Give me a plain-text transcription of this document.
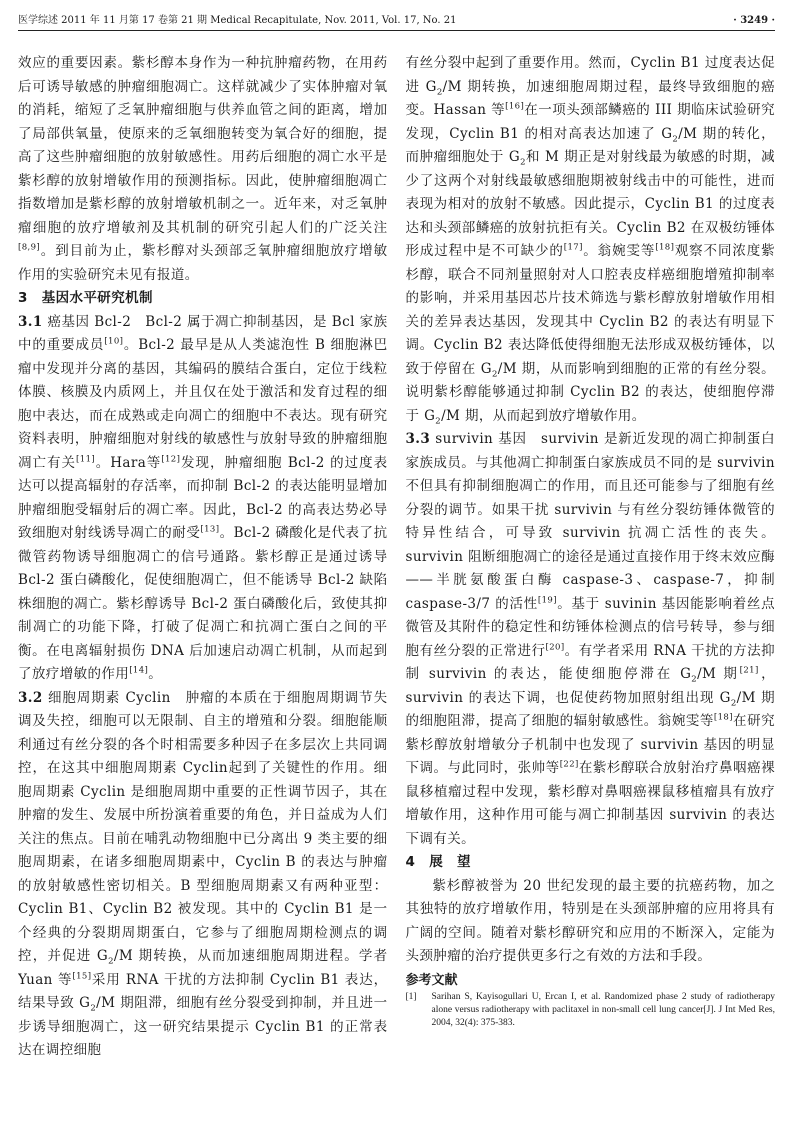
医学综述 2011 年 11 月第 17 卷第 21 期 Medical Recapitulate, Nov. 2011, Vol. 17, No. 21	· 3249 ·

效应的重要因素。紫杉醇本身作为一种抗肿瘤药物，在用药后可诱导敏感的肿瘤细胞凋亡。这样就减少了实体肿瘤对氧的消耗，缩短了乏氧肿瘤细胞与供养血管之间的距离，增加了局部供氧量，使原来的乏氧细胞转变为氧合好的细胞，提高了这些肿瘤细胞的放射敏感性。用药后细胞的凋亡水平是紫杉醇的放射增敏作用的预测指标。因此，使肿瘤细胞凋亡指数增加是紫杉醇的放射增敏机制之一。近年来，对乏氧肿瘤细胞的放疗增敏剂及其机制的研究引起人们的广泛关注[8,9]。到目前为止，紫杉醇对头颈部乏氧肿瘤细胞放疗增敏作用的实验研究未见有报道。

3　基因水平研究机制

3.1 癌基因 Bcl-2　Bcl-2 属于凋亡抑制基因，是 Bcl 家族中的重要成员[10]。Bcl-2 最早是从人类滤泡性 B 细胞淋巴瘤中发现并分离的基因，其编码的膜结合蛋白，定位于线粒体膜、核膜及内质网上，并且仅在处于激活和发育过程的细胞中表达，而在成熟或走向凋亡的细胞中不表达。现有研究资料表明，肿瘤细胞对射线的敏感性与放射导致的肿瘤细胞凋亡有关[11]。Hara等[12]发现，肿瘤细胞 Bcl-2 的过度表达可以提高辐射的存活率，而抑制 Bcl-2 的表达能明显增加肿瘤细胞受辐射后的凋亡率。因此，Bcl-2 的高表达势必导致细胞对射线诱导凋亡的耐受[13]。Bcl-2 磷酸化是代表了抗微管药物诱导细胞凋亡的信号通路。紫杉醇正是通过诱导 Bcl-2 蛋白磷酸化，促使细胞凋亡，但不能诱导 Bcl-2 缺陷株细胞的凋亡。紫杉醇诱导 Bcl-2 蛋白磷酸化后，致使其抑制凋亡的功能下降，打破了促凋亡和抗凋亡蛋白之间的平衡。在电离辐射损伤 DNA 后加速启动凋亡机制，从而起到了放疗增敏的作用[14]。

3.2 细胞周期素 Cyclin　肿瘤的本质在于细胞周期调节失调及失控，细胞可以无限制、自主的增殖和分裂。细胞能顺利通过有丝分裂的各个时相需要多种因子在多层次上共同调控，在这其中细胞周期素 Cyclin起到了关键性的作用。细胞周期素 Cyclin 是细胞周期中重要的正性调节因子，其在肿瘤的发生、发展中所扮演着重要的角色，并日益成为人们关注的焦点。目前在哺乳动物细胞中已分离出 9 类主要的细胞周期素，在诸多细胞周期素中，Cyclin B 的表达与肿瘤的放射敏感性密切相关。B 型细胞周期素又有两种亚型：Cyclin B1、Cyclin B2 被发现。其中的 Cyclin B1 是一个经典的分裂期周期蛋白，它参与了细胞周期检测点的调控，并促进 $G_2/M$ 期转换，从而加速细胞周期进程。学者 Yuan 等[15]采用 RNA 干扰的方法抑制 Cyclin B1 表达，结果导致 $G_2/M$ 期阻滞，细胞有丝分裂受到抑制，并且进一步诱导细胞凋亡，这一研究结果提示 Cyclin B1 的正常表达在调控细胞

有丝分裂中起到了重要作用。然而，Cyclin B1 过度表达促进 $G_2/M$ 期转换，加速细胞周期过程，最终导致细胞的癌变。Hassan 等[16]在一项头颈部鳞癌的 III 期临床试验研究发现，Cyclin B1 的相对高表达加速了 $G_2/M$ 期的转化，而肿瘤细胞处于 $G_2$和 M 期正是对射线最为敏感的时期，减少了这两个对射线最敏感细胞期被射线击中的可能性，进而表现为相对的放射不敏感。因此提示，Cyclin B1 的过度表达和头颈部鳞癌的放射抗拒有关。Cyclin B2 在双极纺锤体形成过程中是不可缺少的[17]。翁婉雯等[18]观察不同浓度紫杉醇，联合不同剂量照射对人口腔表皮样癌细胞增殖抑制率的影响，并采用基因芯片技术筛选与紫杉醇放射增敏作用相关的差异表达基因，发现其中 Cyclin B2 的表达有明显下调。Cyclin B2 表达降低使得细胞无法形成双极纺锤体，以致于停留在 $G_2/M$ 期，从而影响到细胞的正常的有丝分裂。说明紫杉醇能够通过抑制 Cyclin B2 的表达，使细胞停滞于 $G_2/M$ 期，从而起到放疗增敏作用。

3.3 survivin 基因　survivin 是新近发现的凋亡抑制蛋白家族成员。与其他凋亡抑制蛋白家族成员不同的是 survivin 不但具有抑制细胞凋亡的作用，而且还可能参与了细胞有丝分裂的调节。如果干扰 survivin 与有丝分裂纺锤体微管的特异性结合，可导致 survivin 抗凋亡活性的丧失。survivin 阻断细胞凋亡的途径是通过直接作用于终末效应酶——半胱氨酸蛋白酶 caspase-3、caspase-7，抑制 caspase-3/7 的活性[19]。基于 suvinin 基因能影响着丝点微管及其附件的稳定性和纺锤体检测点的信号转导，参与细胞有丝分裂的正常进行[20]。有学者采用 RNA 干扰的方法抑制 survivin 的表达，能使细胞停滞在 $G_2/M$ 期[21]，survivin 的表达下调，也促使药物加照射组出现 $G_2/M$ 期的细胞阻滞，提高了细胞的辐射敏感性。翁婉雯等[18]在研究紫杉醇放射增敏分子机制中也发现了 survivin 基因的明显下调。与此同时，张帅等[22]在紫杉醇联合放射治疗鼻咽癌裸鼠移植瘤过程中发现，紫杉醇对鼻咽癌裸鼠移植瘤具有放疗增敏作用，这种作用可能与凋亡抑制基因 survivin 的表达下调有关。

4　展　望

紫杉醇被誉为 20 世纪发现的最主要的抗癌药物，加之其独特的放疗增敏作用，特别是在头颈部肿瘤的应用将具有广阔的空间。随着对紫杉醇研究和应用的不断深入，定能为头颈肿瘤的治疗提供更多行之有效的方法和手段。

参考文献
[1]	Sarihan S, Kayisogullari U, Ercan I, et al. Randomized phase 2 study of radiotherapy alone versus radiotherapy with paclitaxel in non-small cell lung cancer[J]. J Int Med Res, 2004, 32(4): 375-383.
